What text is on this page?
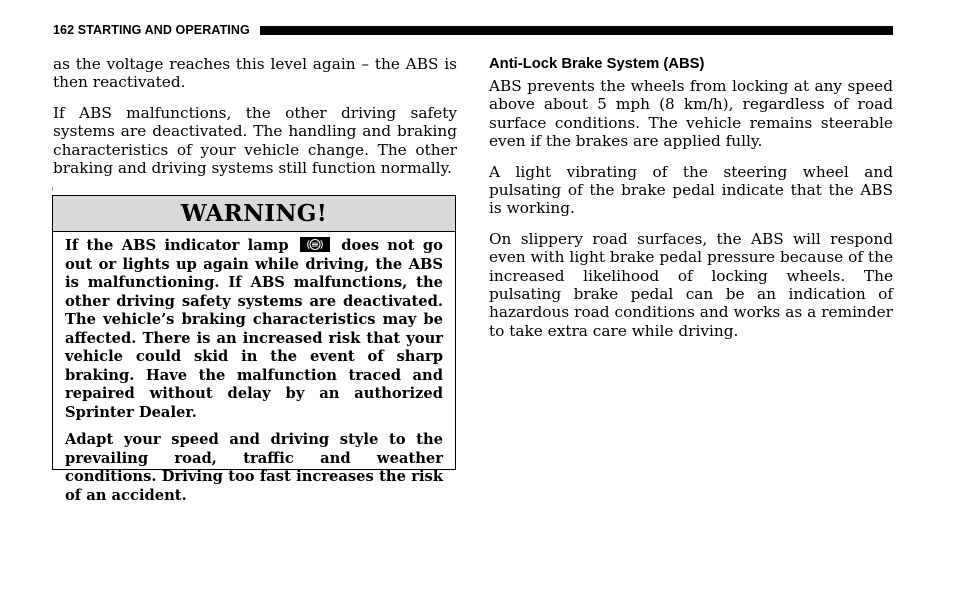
162 STARTING AND OPERATING

as the voltage reaches this level again – the ABS is then reactivated.

If ABS malfunctions, the other driving safety systems are deactivated. The handling and braking characteristics of your vehicle change. The other braking and driving systems still function normally.

WARNING!

If the ABS indicator lamp
does not go out or lights up again while driving, the ABS is malfunctioning. If ABS malfunctions, the other driving safety systems are deactivated. The vehicle’s braking characteristics may be affected. There is an increased risk that your vehicle could skid in the event of sharp braking. Have the malfunction traced and repaired without delay by an authorized Sprinter Dealer.

Adapt your speed and driving style to the prevailing road, traffic and weather conditions. Driving too fast increases the risk of an accident.

Anti-Lock Brake System (ABS)

ABS prevents the wheels from locking at any speed above about 5 mph (8 km/h), regardless of road surface conditions. The vehicle remains steerable even if the brakes are applied fully.

A light vibrating of the steering wheel and pulsating of the brake pedal indicate that the ABS is working.

On slippery road surfaces, the ABS will respond even with light brake pedal pressure because of the increased likelihood of locking wheels. The pulsating brake pedal can be an indication of hazardous road conditions and works as a reminder to take extra care while driving.
